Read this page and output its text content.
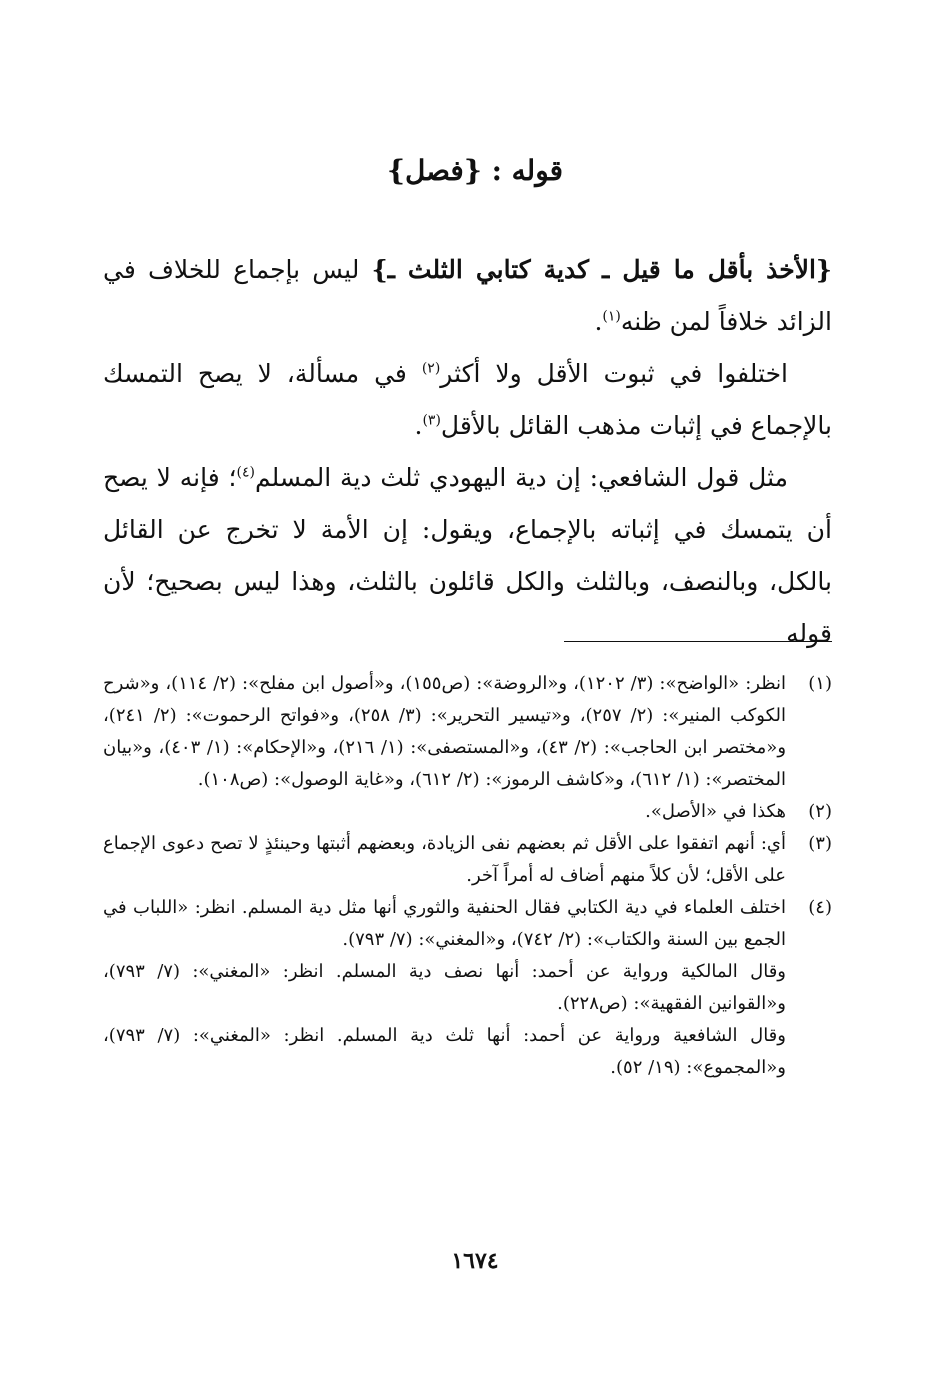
قوله : {فصل}

{الأخذ بأقل ما قيل ـ كدية كتابي الثلث ـ} ليس بإجماع للخلاف في الزائد خلافاً لمن ظنه$^{(١)}$.

اختلفوا في ثبوت الأقل ولا أكثر$^{(٢)}$ في مسألة، لا يصح التمسك بالإجماع في إثبات مذهب القائل بالأقل$^{(٣)}$.

مثل قول الشافعي: إن دية اليهودي ثلث دية المسلم$^{(٤)}$؛ فإنه لا يصح أن يتمسك في إثباته بالإجماع، ويقول: إن الأمة لا تخرج عن القائل بالكل، وبالنصف، وبالثلث والكل قائلون بالثلث، وهذا ليس بصحيح؛ لأن قوله

(١)

انظر: «الواضح»: (٣/ ١٢٠٢)، و«الروضة»: (ص١٥٥)، و«أصول ابن مفلح»: (٢/ ١١٤)، و«شرح الكوكب المنير»: (٢/ ٢٥٧)، و«تيسير التحرير»: (٣/ ٢٥٨)، و«فواتح الرحموت»: (٢/ ٢٤١)، و«مختصر ابن الحاجب»: (٢/ ٤٣)، و«المستصفى»: (١/ ٢١٦)، و«الإحكام»: (١/ ٤٠٣)، و«بيان المختصر»: (١/ ٦١٢)، و«كاشف الرموز»: (٢/ ٦١٢)، و«غاية الوصول»: (ص١٠٨).

(٢)

هكذا في «الأصل».

(٣)

أي: أنهم اتفقوا على الأقل ثم بعضهم نفى الزيادة، وبعضهم أثبتها وحينئذٍ لا تصح دعوى الإجماع على الأقل؛ لأن كلاً منهم أضاف له أمراً آخر.

(٤)

اختلف العلماء في دية الكتابي فقال الحنفية والثوري أنها مثل دية المسلم. انظر: «اللباب في الجمع بين السنة والكتاب»: (٢/ ٧٤٢)، و«المغني»: (٧/ ٧٩٣).

وقال المالكية ورواية عن أحمد: أنها نصف دية المسلم. انظر: «المغني»: (٧/ ٧٩٣)، و«القوانين الفقهية»: (ص٢٢٨).

وقال الشافعية ورواية عن أحمد: أنها ثلث دية المسلم. انظر: «المغني»: (٧/ ٧٩٣)، و«المجموع»: (١٩/ ٥٢).

١٦٧٤
